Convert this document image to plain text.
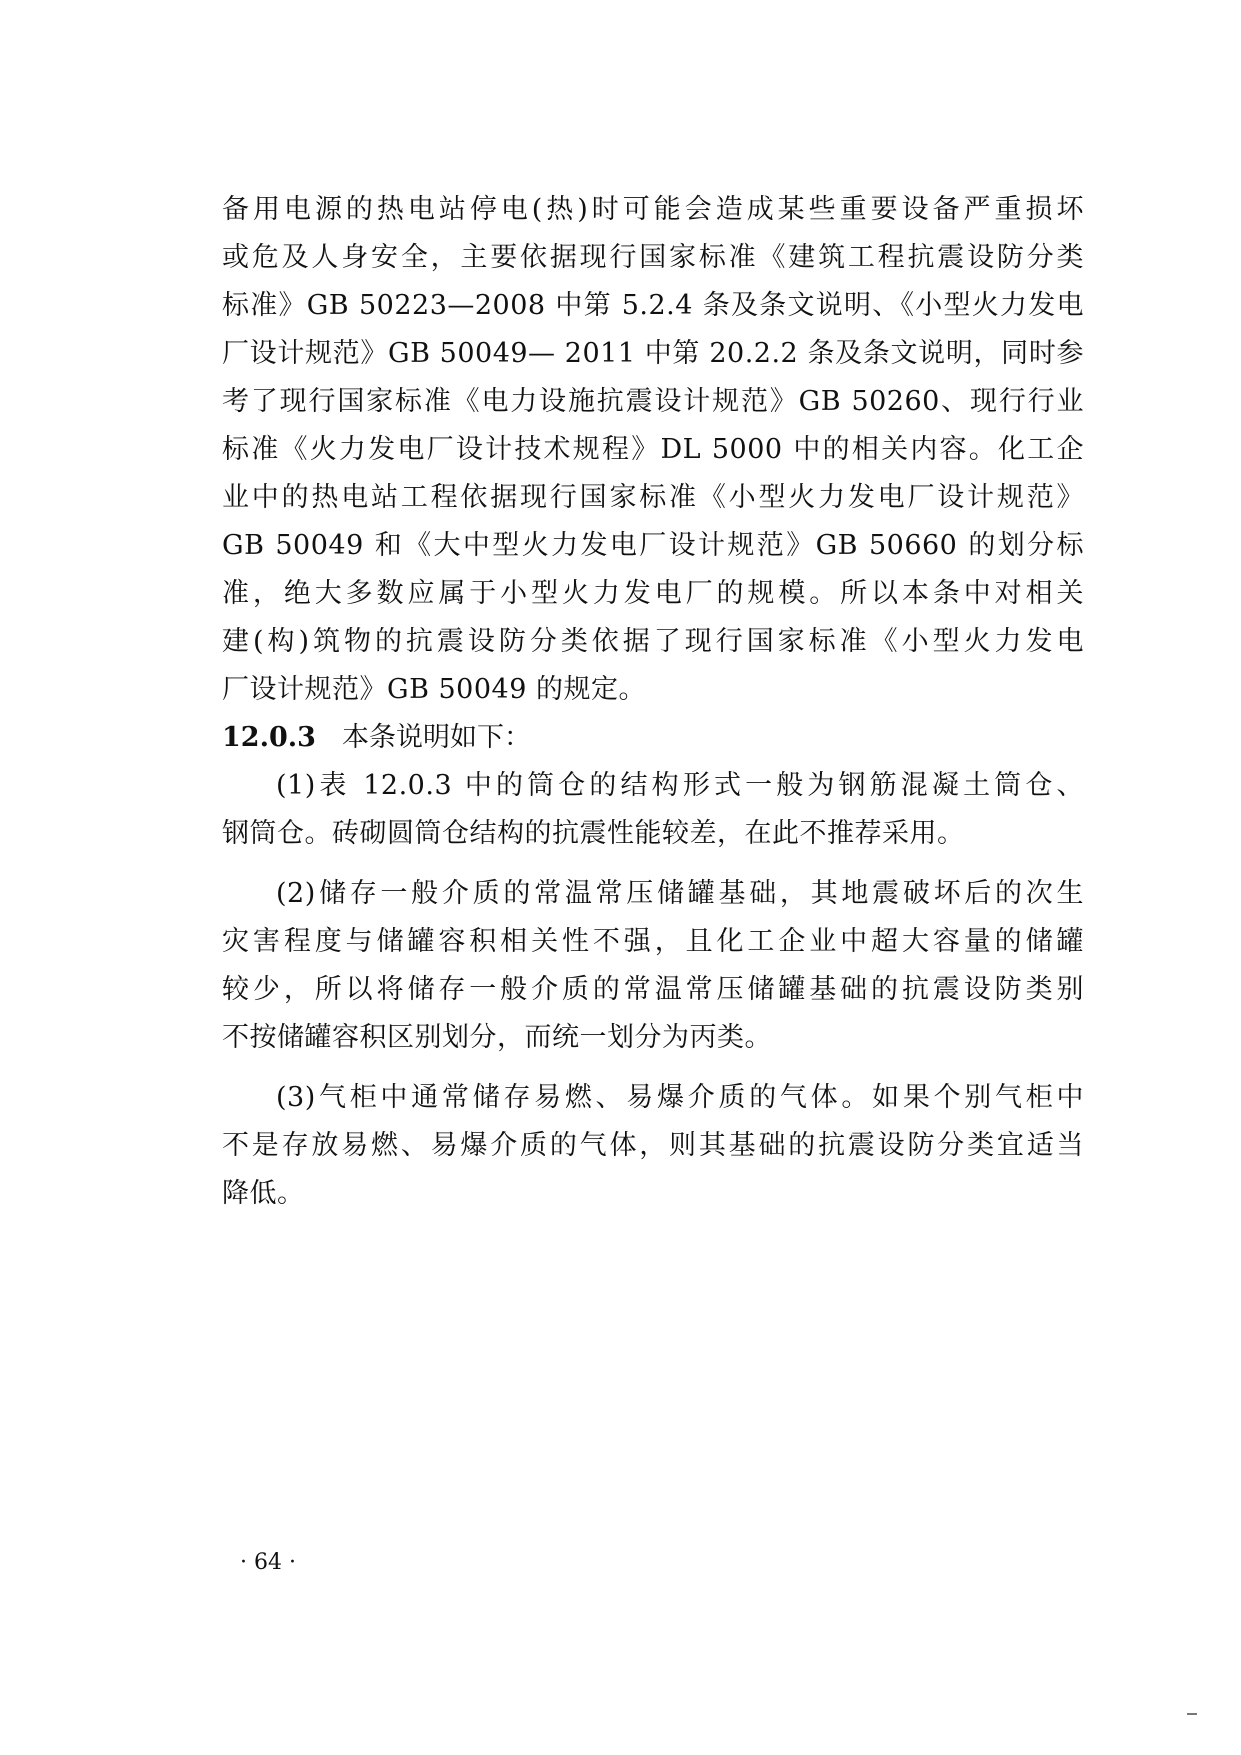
备用电源的热电站停电(热)时可能会造成某些重要设备严重损坏
或危及人身安全，主要依据现行国家标准《建筑工程抗震设防分类
标准》GB 50223—2008 中第 5.2.4 条及条文说明、《小型火力发电
厂设计规范》GB 50049— 2011 中第 20.2.2 条及条文说明，同时参
考了现行国家标准《电力设施抗震设计规范》GB 50260、现行行业
标准《火力发电厂设计技术规程》DL 5000 中的相关内容。化工企
业中的热电站工程依据现行国家标准《小型火力发电厂设计规范》
GB 50049 和《大中型火力发电厂设计规范》GB 50660 的划分标
准，绝大多数应属于小型火力发电厂的规模。所以本条中对相关
建(构)筑物的抗震设防分类依据了现行国家标准《小型火力发电
厂设计规范》GB 50049 的规定。
12.0.3 本条说明如下：
(1)表 12.0.3 中的筒仓的结构形式一般为钢筋混凝土筒仓、
钢筒仓。砖砌圆筒仓结构的抗震性能较差，在此不推荐采用。
(2)储存一般介质的常温常压储罐基础，其地震破坏后的次生
灾害程度与储罐容积相关性不强，且化工企业中超大容量的储罐
较少，所以将储存一般介质的常温常压储罐基础的抗震设防类别
不按储罐容积区别划分，而统一划分为丙类。
(3)气柜中通常储存易燃、易爆介质的气体。如果个别气柜中
不是存放易燃、易爆介质的气体，则其基础的抗震设防分类宜适当
降低。
· 64 ·
